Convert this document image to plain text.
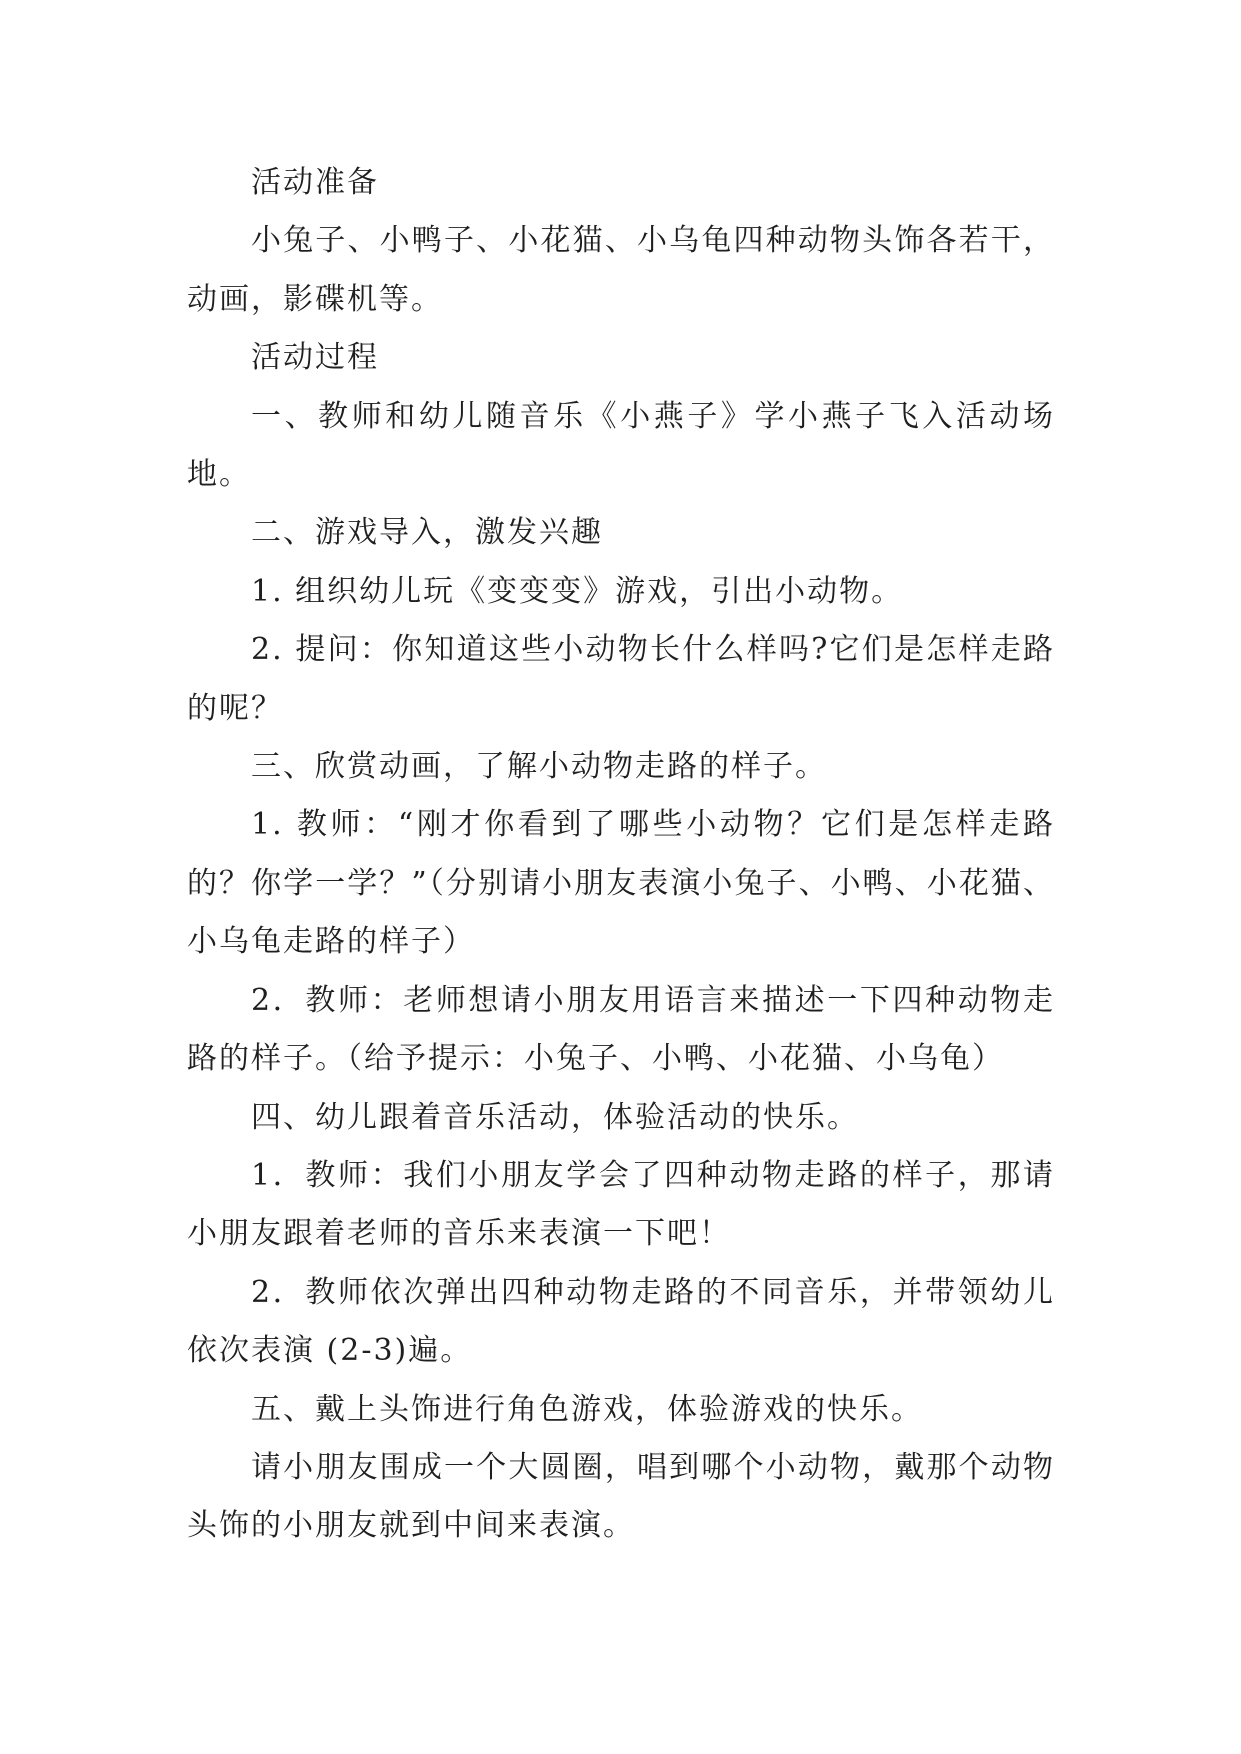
活动准备

小兔子、小鸭子、小花猫、小乌龟四种动物头饰各若干，动画，影碟机等。

活动过程

一、教师和幼儿随音乐《小燕子》学小燕子飞入活动场地。

二、游戏导入，激发兴趣

1. 组织幼儿玩《变变变》游戏，引出小动物。

2. 提问：你知道这些小动物长什么样吗?它们是怎样走路的呢？

三、欣赏动画，了解小动物走路的样子。

1. 教师：“刚才你看到了哪些小动物？它们是怎样走路的？你学一学？”（分别请小朋友表演小兔子、小鸭、小花猫、小乌龟走路的样子）

2．教师：老师想请小朋友用语言来描述一下四种动物走路的样子。（给予提示：小兔子、小鸭、小花猫、小乌龟）

四、幼儿跟着音乐活动，体验活动的快乐。

1．教师：我们小朋友学会了四种动物走路的样子，那请小朋友跟着老师的音乐来表演一下吧！

2．教师依次弹出四种动物走路的不同音乐，并带领幼儿依次表演 (2-3)遍。

五、戴上头饰进行角色游戏，体验游戏的快乐。

请小朋友围成一个大圆圈，唱到哪个小动物，戴那个动物头饰的小朋友就到中间来表演。
